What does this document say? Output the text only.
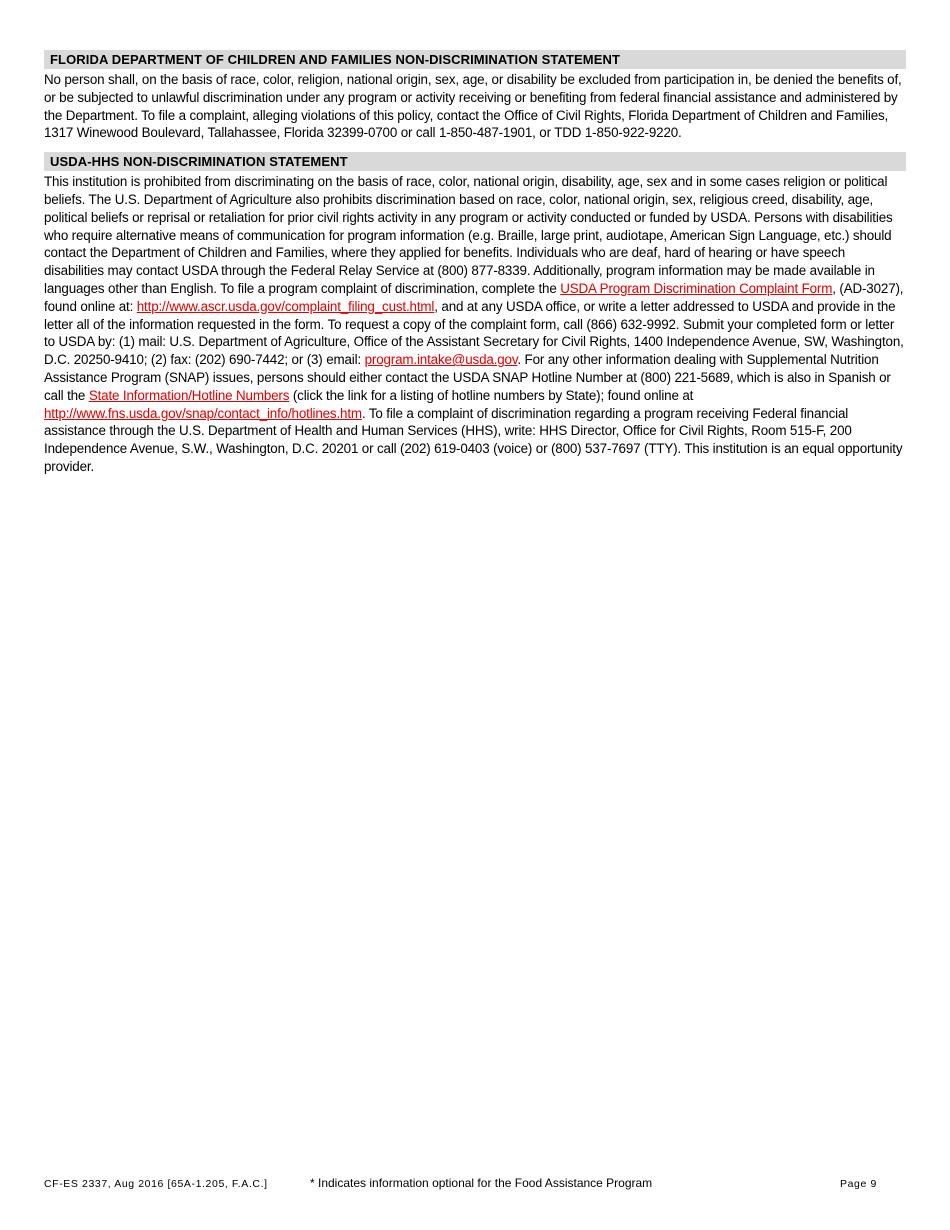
FLORIDA DEPARTMENT OF CHILDREN AND FAMILIES NON-DISCRIMINATION STATEMENT

No person shall, on the basis of race, color, religion, national origin, sex, age, or disability be excluded from participation in, be denied the benefits of, or be subjected to unlawful discrimination under any program or activity receiving or benefiting from federal financial assistance and administered by the Department. To file a complaint, alleging violations of this policy, contact the Office of Civil Rights, Florida Department of Children and Families, 1317 Winewood Boulevard, Tallahassee, Florida 32399-0700 or call 1-850-487-1901, or TDD 1-850-922-9220.

USDA-HHS NON-DISCRIMINATION STATEMENT

This institution is prohibited from discriminating on the basis of race, color, national origin, disability, age, sex and in some cases religion or political beliefs. The U.S. Department of Agriculture also prohibits discrimination based on race, color, national origin, sex, religious creed, disability, age, political beliefs or reprisal or retaliation for prior civil rights activity in any program or activity conducted or funded by USDA. Persons with disabilities who require alternative means of communication for program information (e.g. Braille, large print, audiotape, American Sign Language, etc.) should contact the Department of Children and Families, where they applied for benefits. Individuals who are deaf, hard of hearing or have speech disabilities may contact USDA through the Federal Relay Service at (800) 877-8339. Additionally, program information may be made available in languages other than English. To file a program complaint of discrimination, complete the USDA Program Discrimination Complaint Form, (AD-3027), found online at: http://www.ascr.usda.gov/complaint_filing_cust.html, and at any USDA office, or write a letter addressed to USDA and provide in the letter all of the information requested in the form. To request a copy of the complaint form, call (866) 632-9992. Submit your completed form or letter to USDA by: (1) mail: U.S. Department of Agriculture, Office of the Assistant Secretary for Civil Rights, 1400 Independence Avenue, SW, Washington, D.C. 20250-9410; (2) fax: (202) 690-7442; or (3) email: program.intake@usda.gov. For any other information dealing with Supplemental Nutrition Assistance Program (SNAP) issues, persons should either contact the USDA SNAP Hotline Number at (800) 221-5689, which is also in Spanish or call the State Information/Hotline Numbers (click the link for a listing of hotline numbers by State); found online at http://www.fns.usda.gov/snap/contact_info/hotlines.htm. To file a complaint of discrimination regarding a program receiving Federal financial assistance through the U.S. Department of Health and Human Services (HHS), write: HHS Director, Office for Civil Rights, Room 515-F, 200 Independence Avenue, S.W., Washington, D.C. 20201 or call (202) 619-0403 (voice) or (800) 537-7697 (TTY). This institution is an equal opportunity provider.

CF-ES 2337, Aug 2016 [65A-1.205, F.A.C.]	* Indicates information optional for the Food Assistance Program	Page 9
